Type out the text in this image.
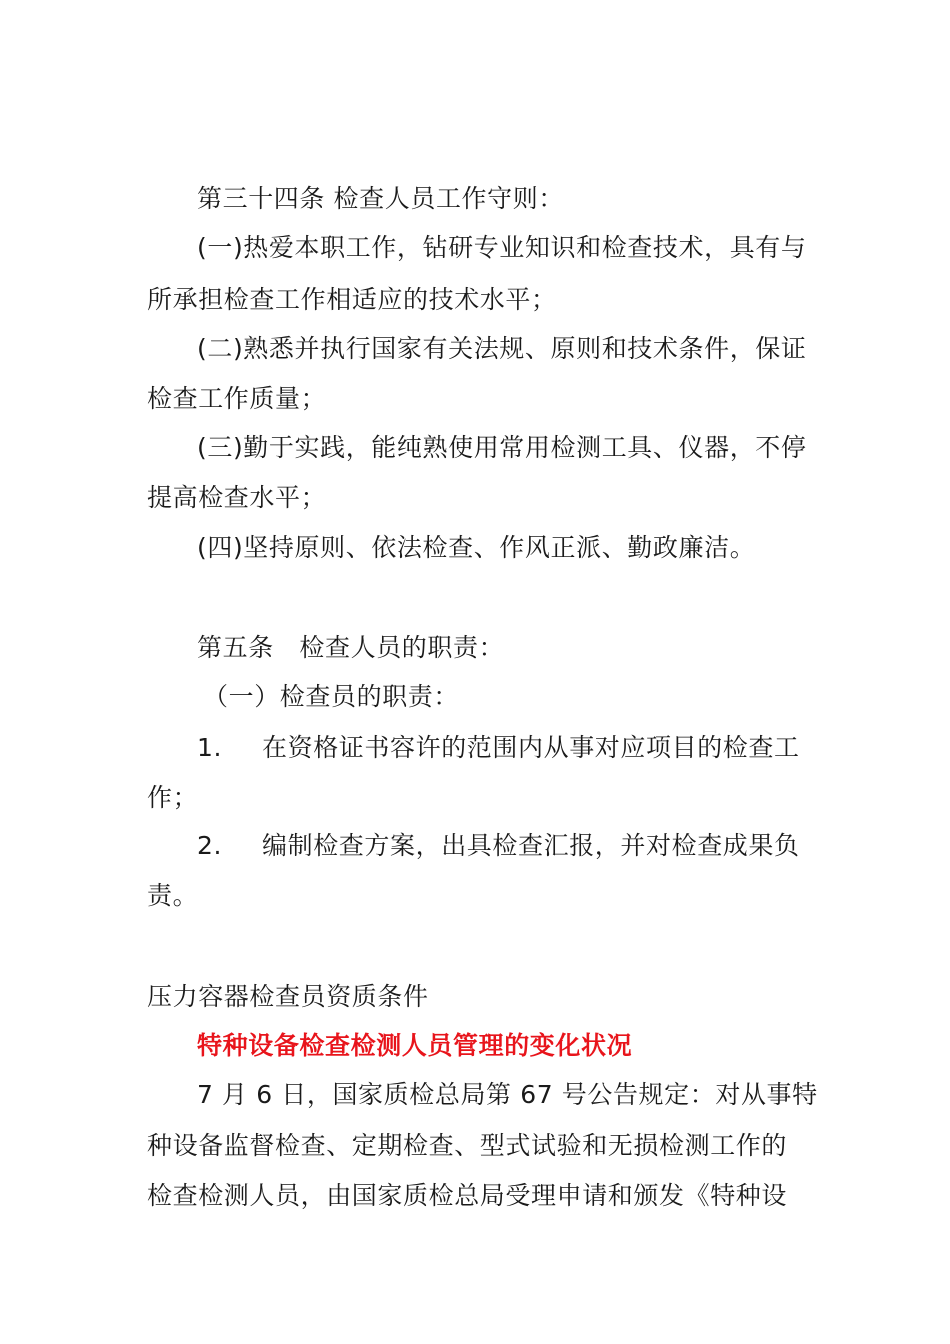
第三十四条 检查人员工作守则：
(一)热爱本职工作，钻研专业知识和检查技术，具有与
所承担检查工作相适应的技术水平；
(二)熟悉并执行国家有关法规、原则和技术条件，保证
检查工作质量；
(三)勤于实践，能纯熟使用常用检测工具、仪器，不停
提高检查水平；
(四)坚持原则、依法检查、作风正派、勤政廉洁。
第五条　检查人员的职责：
（一）检查员的职责：
1. 在资格证书容许的范围内从事对应项目的检查工
作；
2. 编制检查方案，出具检查汇报，并对检查成果负
责。
压力容器检查员资质条件
特种设备检查检测人员管理的变化状况
7 月 6 日，国家质检总局第 67 号公告规定：对从事特
种设备监督检查、定期检查、型式试验和无损检测工作的
检查检测人员，由国家质检总局受理申请和颁发《特种设
